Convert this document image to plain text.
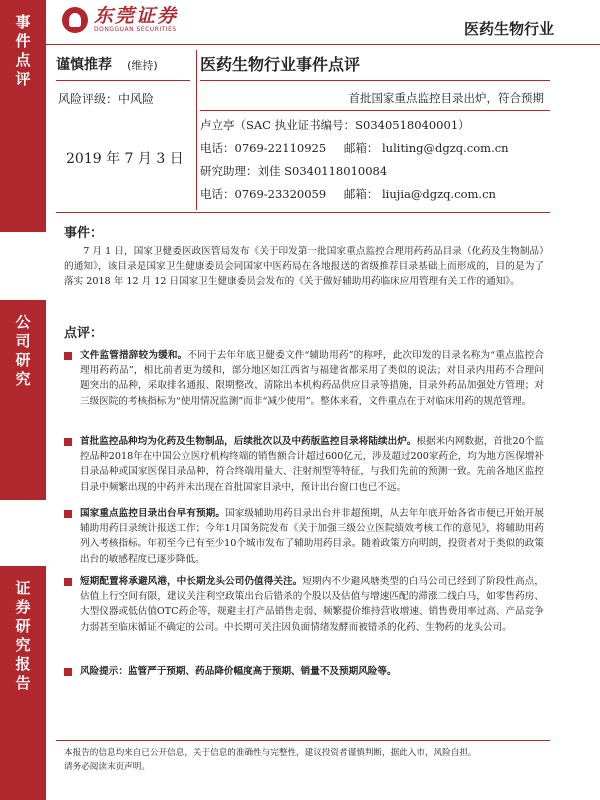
事件点评
公司研究
证券研究报告
东莞证券
DONGGUAN SECURITIES	医药生物行业
谨慎推荐 (维持)
风险评级：中风险
2019 年 7 月 3 日
医药生物行业事件点评
首批国家重点监控目录出炉，符合预期
卢立亭（SAC 执业证书编号：S0340518040001）
电话：0769-22110925 邮箱： luliting@dgzq.com.cn
研究助理：刘佳 S0340118010084
电话：0769-23320059 邮箱： liujia@dgzq.com.cn
事件：
7 月 1 日，国家卫健委医政医管局发布《关于印发第一批国家重点监控合理用药药品目录（化药及生物制品）的通知》，该目录是国家卫生健康委员会同国家中医药局在各地报送的省级推荐目录基础上而形成的，目的是为了落实 2018 年 12 月 12 日国家卫生健康委员会发布的《关于做好辅助用药临床应用管理有关工作的通知》。
点评：
文件监管措辞较为缓和。不同于去年年底卫健委文件“辅助用药”的称呼，此次印发的目录名称为“重点监控合理用药药品”，相比前者更为缓和，部分地区如江西省与福建省都采用了类似的说法；对目录内用药不合理问题突出的品种，采取排名通报、限期整改、清除出本机构药品供应目录等措施，目录外药品加强处方管理；对三级医院的考核指标为“使用情况监测”而非“减少使用”。整体来看，文件重点在于对临床用药的规范管理。
首批监控品种均为化药及生物制品，后续批次以及中药版监控目录将陆续出炉。根据米内网数据，首批20个监控品种2018年在中国公立医疗机构终端的销售额合计超过600亿元，涉及超过200家药企，均为地方医保增补目录品种或国家医保目录品种，符合终端用量大、注射剂型等特征，与我们先前的预测一致。先前各地区监控目录中频繁出现的中药并未出现在首批国家目录中，预计出台窗口也已不远。
国家重点监控目录出台早有预期。国家级辅助用药目录出台并非超预期，从去年年底开始各省市便已开始开展辅助用药目录统计报送工作；今年1月国务院发布《关于加强三级公立医院绩效考核工作的意见》，将辅助用药列入考核指标。年初至今已有至少10个城市发布了辅助用药目录。随着政策方向明朗，投资者对于类似的政策出台的敏感程度已逐步降低。
短期配置将承避风港，中长期龙头公司仍值得关注。短期内不少避风塘类型的白马公司已经到了阶段性高点，估值上行空间有限，建议关注利空政策出台后错杀的个股以及估值与增速匹配的滞涨二线白马，如零售药房、大型仪器或低估值OTC药企等，规避主打产品销售走弱、频繁提价维持营收增速、销售费用率过高、产品竞争力弱甚至临床循证不确定的公司。中长期可关注因负面情绪发酵而被错杀的化药、生物药的龙头公司。
风险提示：监管严于预期、药品降价幅度高于预期、销量不及预期风险等。
本报告的信息均来自已公开信息，关于信息的准确性与完整性，建议投资者谨慎判断，据此入市，风险自担。
请务必阅读末页声明。
